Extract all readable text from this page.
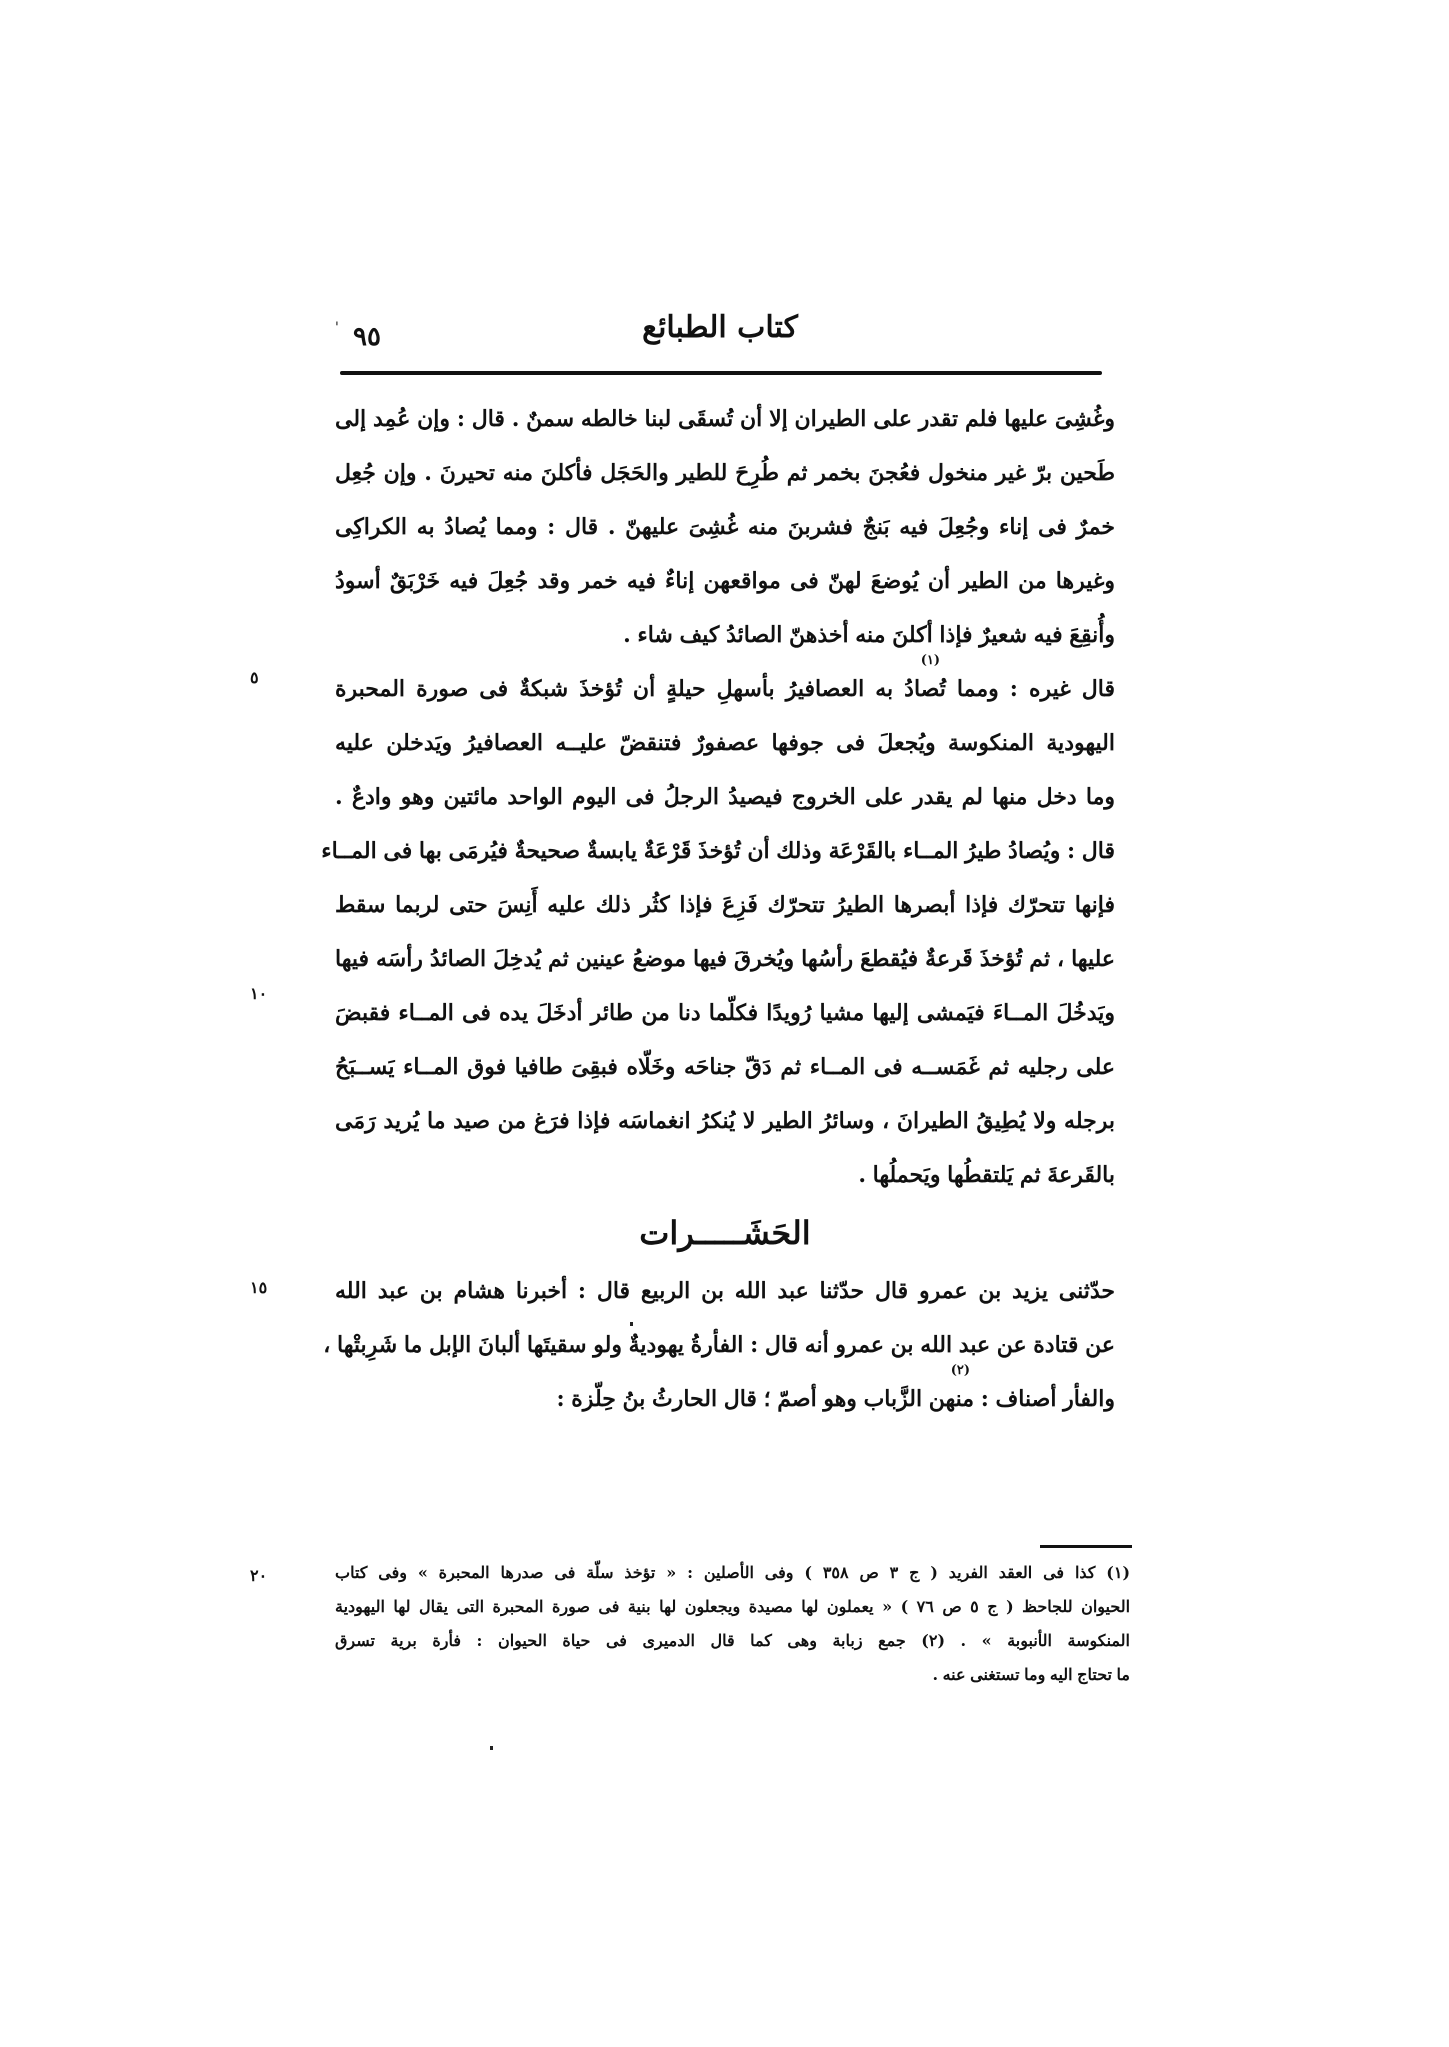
' ٩٥	كتاب الطبائع
وغُشِىَ عليها فلم تقدر على الطيران إلا أن تُسقَى لبنا خالطه سمنٌ . قال : وإن عُمِد إلى
طَحين برّ غير منخول فعُجنَ بخمر ثم طُرِحَ للطير والحَجَل فأكلنَ منه تحيرنَ . وإن جُعِل
خمرٌ فى إناء وجُعِلَ فيه بَنجٌ فشربنَ منه غُشِىَ عليهنّ . قال : ومما يُصادُ به الكراكِى
وغيرها من الطير أن يُوضعَ لهنّ فى مواقعهن إناءٌ فيه خمر وقد جُعِلَ فيه خَرْبَقٌ أسودُ
وأُنقِعَ فيه شعيرٌ فإذا أكلنَ منه أخذهنّ الصائدُ كيف شاء .
(١)
قال غيره : ومما تُصادُ به العصافيرُ بأسهلِ حيلةٍ أن تُؤخذَ شبكةٌ فى صورة المحبرة
اليهودية المنكوسة ويُجعلَ فى جوفها عصفورٌ فتنقضّ عليــه العصافيرُ ويَدخلن عليه
وما دخل منها لم يقدر على الخروج فيصيدُ الرجلُ فى اليوم الواحد مائتين وهو وادعٌ .
قال : ويُصادُ طيرُ المــاء بالقَرْعَة وذلك أن تُؤخذَ قَرْعَةٌ يابسةٌ صحيحةٌ فيُرمَى بها فى المــاء
فإنها تتحرّك فإذا أبصرها الطيرُ تتحرّك فَزِعَ فإذا كثُر ذلك عليه أَنِسَ حتى لربما سقط
عليها ، ثم تُؤخذَ قَرعةٌ فيُقطعَ رأسُها ويُخرقَ فيها موضعُ عينين ثم يُدخِلَ الصائدُ رأسَه فيها
ويَدخُلَ المــاءَ فيَمشى إليها مشيا رُويدًا فكلّما دنا من طائر أدخَلَ يده فى المــاء فقبضَ
على رجليه ثم غَمَســه فى المــاء ثم دَقّ جناحَه وخَلّاه فبقِىَ طافيا فوق المــاء يَســبَحُ
برجله ولا يُطِيقُ الطيرانَ ، وسائرُ الطير لا يُنكرُ انغماسَه فإذا فرَغ من صيد ما يُريد رَمَى
بالقَرعةَ ثم يَلتقطُها ويَحملُها .
الحَشَـــــرات
حدّثنى يزيد بن عمرو قال حدّثنا عبد الله بن الربيع قال : أخبرنا هشام بن عبد الله
عن قتادة عن عبد الله بن عمرو أنه قال : الفأرةُ يهوديةٌ ولو سقيتَها ألبانَ الإبل ما شَرِبتْها ،
(٢)
والفأر أصناف : منهن الزَّباب وهو أصمّ ؛ قال الحارثُ بنُ حِلّزة :
٥
١٠
١٥
٢٠	(١) كذا فى العقد الفريد ( ج ٣ ص ٣٥٨ ) وفى الأصلين : « تؤخذ سلّة فى صدرها المحبرة » وفى كتاب
الحيوان للجاحظ ( ج ٥ ص ٧٦ ) « يعملون لها مصيدة ويجعلون لها بنية فى صورة المحبرة التى يقال لها اليهودية
المنكوسة الأنبوبة » . (٢) جمع زبابة وهى كما قال الدميرى فى حياة الحيوان : فأرة برية تسرق
ما تحتاج اليه وما تستغنى عنه .
